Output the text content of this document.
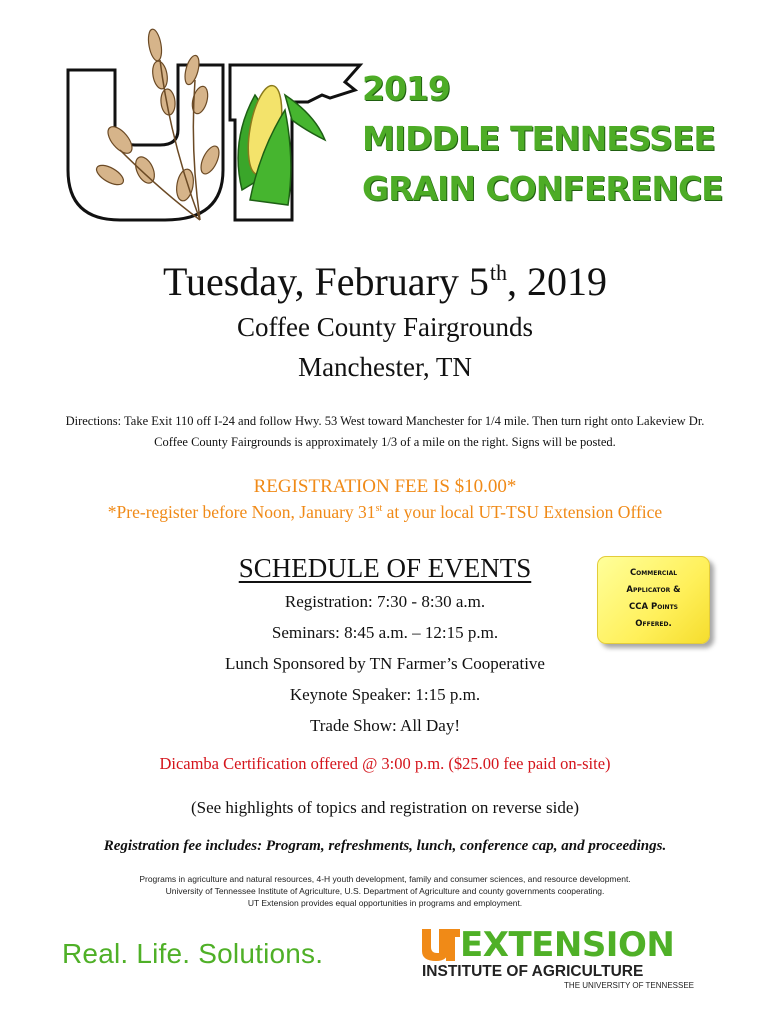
2019
MIDDLE TENNESSEE
GRAIN CONFERENCE
Tuesday, February 5th, 2019
Coffee County Fairgrounds
Manchester, TN
Directions: Take Exit 110 off I-24 and follow Hwy. 53 West toward Manchester for 1/4 mile. Then turn right onto Lakeview Dr. Coffee County Fairgrounds is approximately 1/3 of a mile on the right. Signs will be posted.
REGISTRATION FEE IS $10.00*
*Pre-register before Noon, January 31st at your local UT-TSU Extension Office
SCHEDULE OF EVENTS
Registration: 7:30 - 8:30 a.m.
Seminars: 8:45 a.m. – 12:15 p.m.
Lunch Sponsored by TN Farmer’s Cooperative
Keynote Speaker: 1:15 p.m.
Trade Show: All Day!
Commercial
Applicator &
CCA Points
Offered.
Dicamba Certification offered @ 3:00 p.m. ($25.00 fee paid on-site)
(See highlights of topics and registration on reverse side)
Registration fee includes: Program, refreshments, lunch, conference cap, and proceedings.
Programs in agriculture and natural resources, 4-H youth development, family and consumer sciences, and resource development.
University of Tennessee Institute of Agriculture, U.S. Department of Agriculture and county governments cooperating.
UT Extension provides equal opportunities in programs and employment.
Real. Life. Solutions.	EXTENSION
INSTITUTE OF AGRICULTURE
THE UNIVERSITY OF TENNESSEE
